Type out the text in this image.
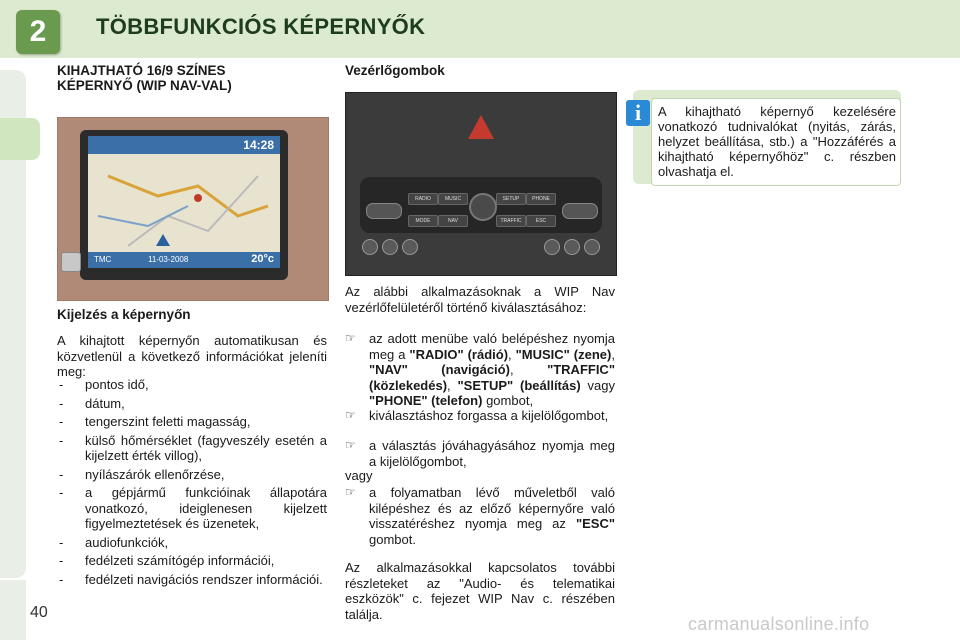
2	TÖBBFUNKCIÓS KÉPERNYŐK
KIHAJTHATÓ 16/9 SZÍNES
KÉPERNYŐ (WIP NAV-VAL)
14:28
TMC	11-03-2008	20°c
Kijelzés a képernyőn
A kihajtott képernyőn automatikusan és közvetlenül a következő információkat jeleníti meg:
- pontos idő,
- dátum,
- tengerszint feletti magasság,
- külső hőmérséklet (fagyveszély esetén a kijelzett érték villog),
- nyílászárók ellenőrzése,
- a gépjármű funkcióinak állapotára vonatkozó, ideiglenesen kijelzett figyelmeztetések és üzenetek,
- audiofunkciók,
- fedélzeti számítógép információi,
- fedélzeti navigációs rendszer információi.
Vezérlőgombok
RADIO	MUSIC	SETUP	PHONE
MODE	NAV	TRAFFIC	ESC
Az alábbi alkalmazásoknak a WIP Nav vezérlőfelületéről történő kiválasztásához:
☞	az adott menübe való belépéshez nyomja meg a "RADIO" (rádió), "MUSIC" (zene), "NAV" (navigáció),	"TRAFFIC" (közlekedés), "SETUP" (beállítás) vagy "PHONE" (telefon) gombot,
☞	kiválasztáshoz forgassa a kijelölőgombot,
☞	a választás jóváhagyásához nyomja meg a kijelölőgombot,
vagy
☞	a folyamatban lévő műveletből való kilépéshez és az előző képernyőre való visszatéréshez nyomja meg az "ESC" gombot.
Az alkalmazásokkal kapcsolatos további részleteket az "Audio- és telematikai eszközök" c. fejezet WIP Nav c. részében találja.
i	A kihajtható képernyő kezelésére vonatkozó tudnivalókat (nyitás, zárás, helyzet beállítása, stb.) a "Hozzáférés a kihajtható képernyőhöz" c. részben olvashatja el.
40
carmanualsonline.info
